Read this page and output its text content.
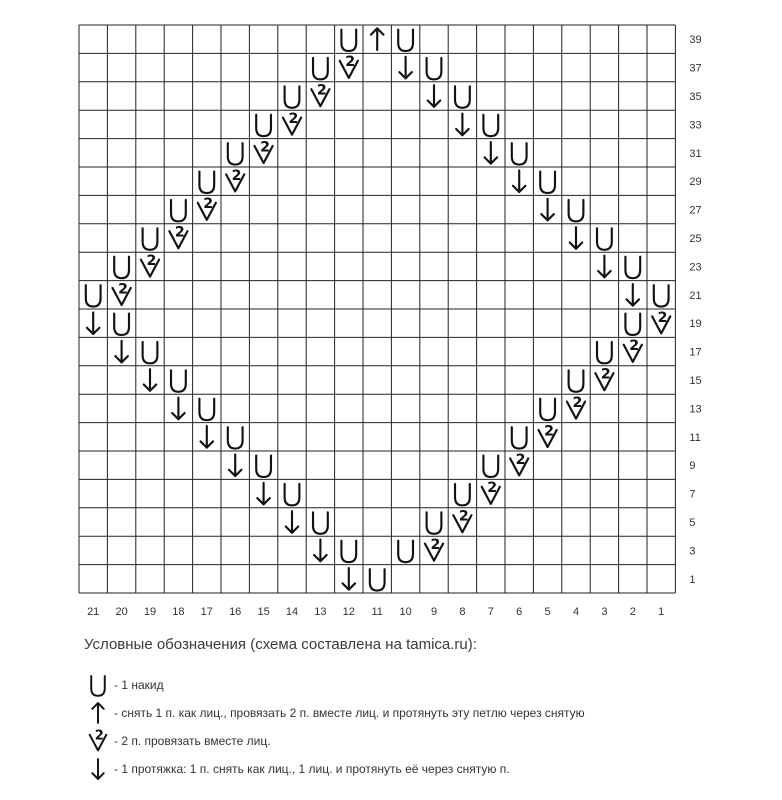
2
2
2
2
2
2
2
2
2
2
2
2
2
2
2
2
2
2
39
37
35
33
31
29
27
25
23
21
19
17
15
13
11
9
7
5
3
1
21 20 19 18 17 16 15 14 13 12 11 10 9 8 7 6 5 4 3 2 1
Условные обозначения (схема составлена на tamica.ru):
- 1 накид
- снять 1 п. как лиц., провязать 2 п. вместе лиц. и протянуть эту петлю через снятую
2 - 2 п. провязать вместе лиц.
- 1 протяжка: 1 п. снять как лиц., 1 лиц. и протянуть её через снятую п.
